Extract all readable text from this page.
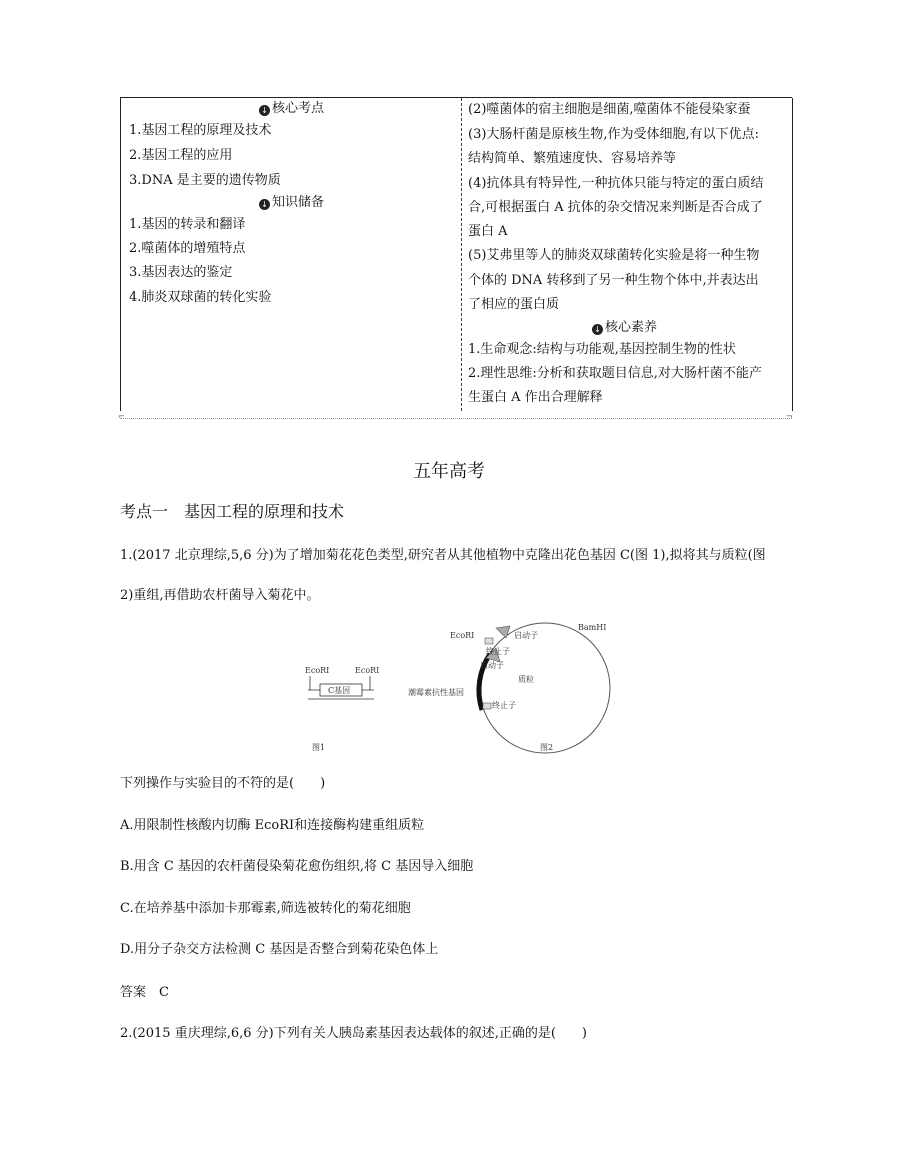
↓ 核心考点
1.基因工程的原理及技术
2.基因工程的应用
3.DNA 是主要的遗传物质
↓ 知识储备
1.基因的转录和翻译
2.噬菌体的增殖特点
3.基因表达的鉴定
4.肺炎双球菌的转化实验
(2)噬菌体的宿主细胞是细菌,噬菌体不能侵染家蚕
(3)大肠杆菌是原核生物,作为受体细胞,有以下优点:
结构简单、繁殖速度快、容易培养等
(4)抗体具有特异性,一种抗体只能与特定的蛋白质结
合,可根据蛋白 A 抗体的杂交情况来判断是否合成了
蛋白 A
(5)艾弗里等人的肺炎双球菌转化实验是将一种生物
个体的 DNA 转移到了另一种生物个体中,并表达出
了相应的蛋白质
↓ 核心素养
1.生命观念:结构与功能观,基因控制生物的性状
2.理性思维:分析和获取题目信息,对大肠杆菌不能产
生蛋白 A 作出合理解释
⌐	¬
五年高考
考点一　基因工程的原理和技术
1.(2017 北京理综,5,6 分)为了增加菊花花色类型,研究者从其他植物中克隆出花色基因 C(图 1),拟将其与质粒(图
2)重组,再借助农杆菌导入菊花中。
EcoRⅠ	EcoRⅠ
C基因
图1
EcoRⅠ
BamHⅠ
启动子
终止子
启动子
质粒
潮霉素抗性基因
终止子
图2
下列操作与实验目的不符的是(　　)
A.用限制性核酸内切酶 EcoRⅠ和连接酶构建重组质粒
B.用含 C 基因的农杆菌侵染菊花愈伤组织,将 C 基因导入细胞
C.在培养基中添加卡那霉素,筛选被转化的菊花细胞
D.用分子杂交方法检测 C 基因是否整合到菊花染色体上
答案　C
2.(2015 重庆理综,6,6 分)下列有关人胰岛素基因表达载体的叙述,正确的是(　　)
